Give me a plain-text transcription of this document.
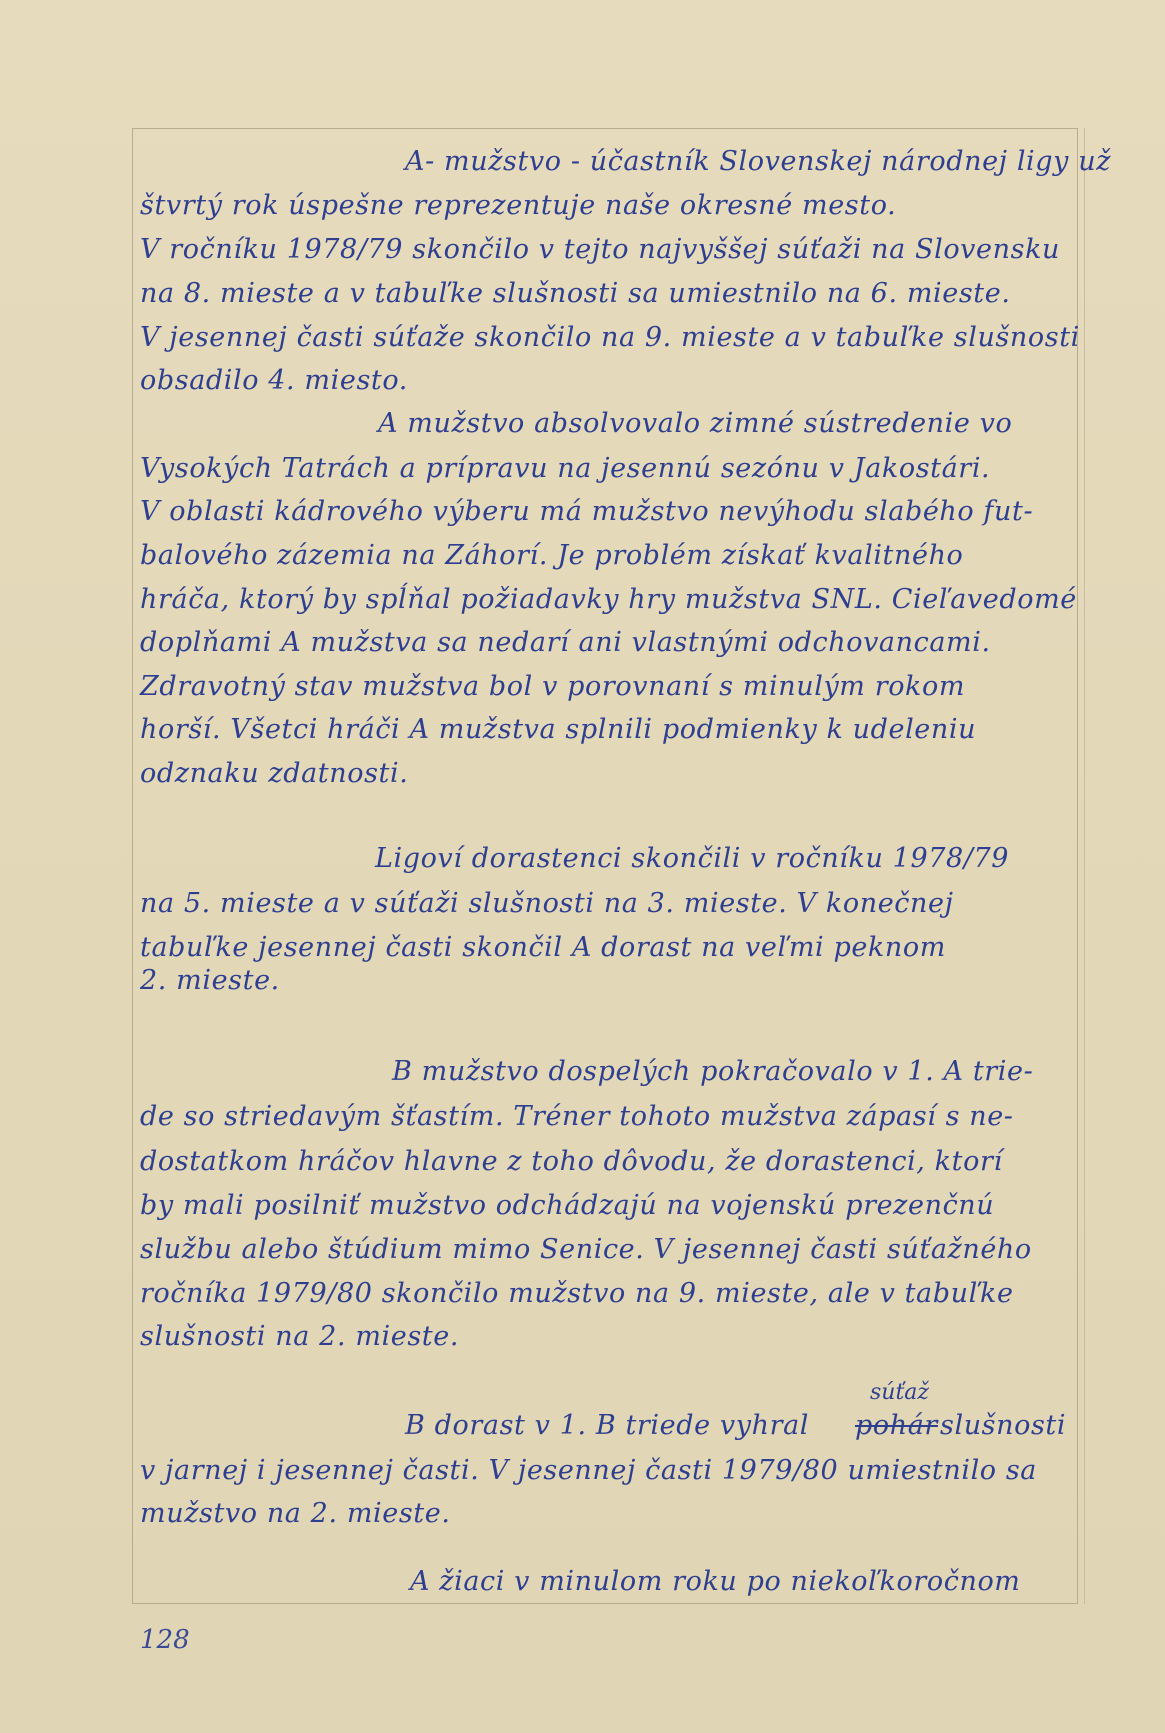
A- mužstvo - účastník Slovenskej národnej ligy už
štvrtý rok úspešne reprezentuje naše okresné mesto.
V ročníku 1978/79 skončilo v tejto najvyššej súťaži na Slovensku
na 8. mieste a v tabuľke slušnosti sa umiestnilo na 6. mieste.
V jesennej časti súťaže skončilo na 9. mieste a v tabuľke slušnosti
obsadilo 4. miesto.
A mužstvo absolvovalo zimné sústredenie vo
Vysokých Tatrách a prípravu na jesennú sezónu v Jakostári.
V oblasti kádrového výberu má mužstvo nevýhodu slabého fut-
balového zázemia na Záhorí. Je problém získať kvalitného
hráča, ktorý by spĺňal požiadavky hry mužstva SNL. Cieľavedomé
doplňami A mužstva sa nedarí ani vlastnými odchovancami.
Zdravotný stav mužstva bol v porovnaní s minulým rokom
horší. Všetci hráči A mužstva splnili podmienky k udeleniu
odznaku zdatnosti.
Ligoví dorastenci skončili v ročníku 1978/79
na 5. mieste a v súťaži slušnosti na 3. mieste. V konečnej
tabuľke jesennej časti skončil A dorast na veľmi peknom
2. mieste.
B mužstvo dospelých pokračovalo v 1. A trie-
de so striedavým šťastím. Tréner tohoto mužstva zápasí s ne-
dostatkom hráčov hlavne z toho dôvodu, že dorastenci, ktorí
by mali posilniť mužstvo odchádzajú na vojenskú prezenčnú
službu alebo štúdium mimo Senice. V jesennej časti súťažného
ročníka 1979/80 skončilo mužstvo na 9. mieste, ale v tabuľke
slušnosti na 2. mieste.
súťaž
B dorast v 1. B triede vyhral pohár slušnosti
v jarnej i jesennej časti. V jesennej časti 1979/80 umiestnilo sa
mužstvo na 2. mieste.
A žiaci v minulom roku po niekoľkoročnom
128
